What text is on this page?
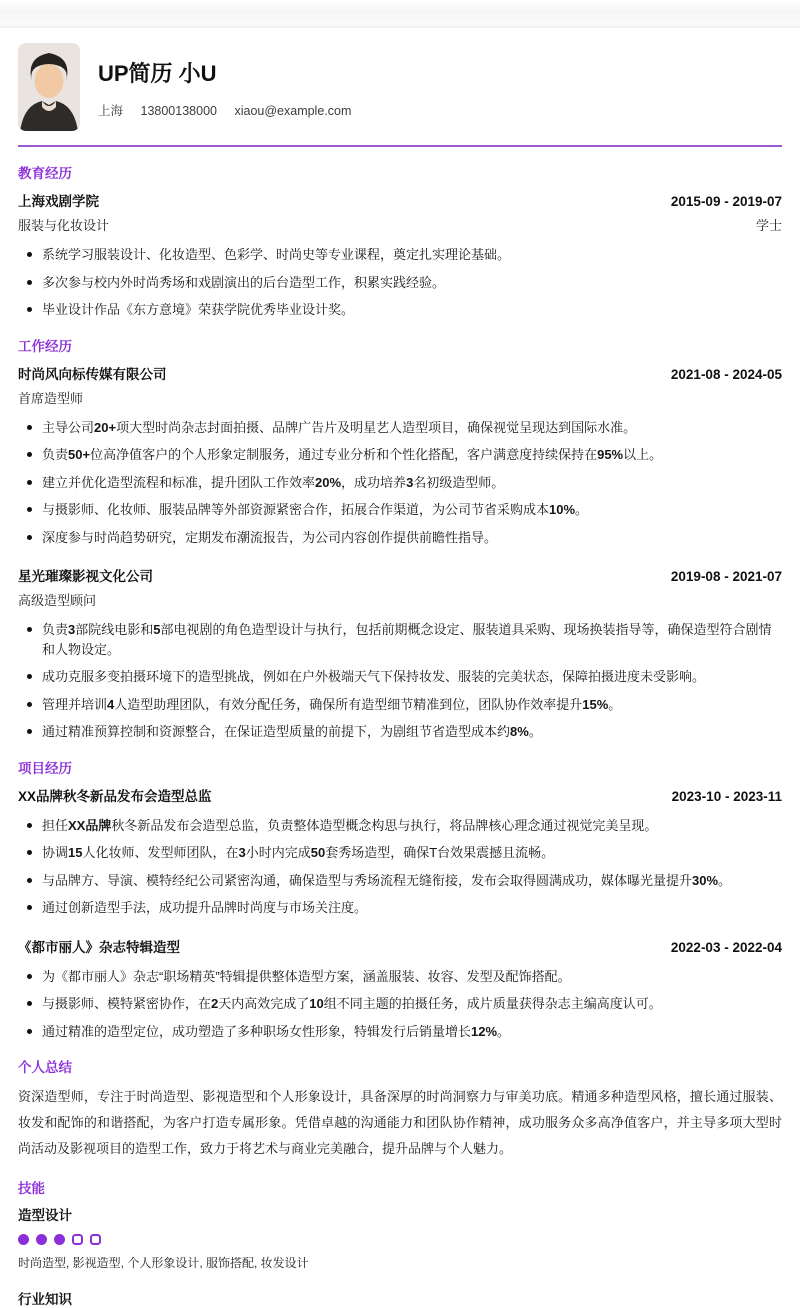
UP简历 小U
上海 13800138000 xiaou@example.com
教育经历
上海戏剧学院	2015-09 - 2019-07
服装与化妆设计	学士
系统学习服装设计、化妆造型、色彩学、时尚史等专业课程，奠定扎实理论基础。
多次参与校内外时尚秀场和戏剧演出的后台造型工作，积累实践经验。
毕业设计作品《东方意境》荣获学院优秀毕业设计奖。
工作经历
时尚风向标传媒有限公司	2021-08 - 2024-05
首席造型师
主导公司20+项大型时尚杂志封面拍摄、品牌广告片及明星艺人造型项目，确保视觉呈现达到国际水准。
负责50+位高净值客户的个人形象定制服务，通过专业分析和个性化搭配，客户满意度持续保持在95%以上。
建立并优化造型流程和标准，提升团队工作效率20%，成功培养3名初级造型师。
与摄影师、化妆师、服装品牌等外部资源紧密合作，拓展合作渠道，为公司节省采购成本10%。
深度参与时尚趋势研究，定期发布潮流报告，为公司内容创作提供前瞻性指导。
星光璀璨影视文化公司	2019-08 - 2021-07
高级造型顾问
负责3部院线电影和5部电视剧的角色造型设计与执行，包括前期概念设定、服装道具采购、现场换装指导等，确保造型符合剧情和人物设定。
成功克服多变拍摄环境下的造型挑战，例如在户外极端天气下保持妆发、服装的完美状态，保障拍摄进度未受影响。
管理并培训4人造型助理团队，有效分配任务，确保所有造型细节精准到位，团队协作效率提升15%。
通过精准预算控制和资源整合，在保证造型质量的前提下，为剧组节省造型成本约8%。
项目经历
XX品牌秋冬新品发布会造型总监	2023-10 - 2023-11
担任XX品牌秋冬新品发布会造型总监，负责整体造型概念构思与执行，将品牌核心理念通过视觉完美呈现。
协调15人化妆师、发型师团队，在3小时内完成50套秀场造型，确保T台效果震撼且流畅。
与品牌方、导演、模特经纪公司紧密沟通，确保造型与秀场流程无缝衔接，发布会取得圆满成功，媒体曝光量提升30%。
通过创新造型手法，成功提升品牌时尚度与市场关注度。
《都市丽人》杂志特辑造型	2022-03 - 2022-04
为《都市丽人》杂志“职场精英”特辑提供整体造型方案，涵盖服装、妆容、发型及配饰搭配。
与摄影师、模特紧密协作，在2天内高效完成了10组不同主题的拍摄任务，成片质量获得杂志主编高度认可。
通过精准的造型定位，成功塑造了多种职场女性形象，特辑发行后销量增长12%。
个人总结
资深造型师，专注于时尚造型、影视造型和个人形象设计，具备深厚的时尚洞察力与审美功底。精通多种造型风格，擅长通过服装、妆发和配饰的和谐搭配，为客户打造专属形象。凭借卓越的沟通能力和团队协作精神，成功服务众多高净值客户，并主导多项大型时尚活动及影视项目的造型工作，致力于将艺术与商业完美融合，提升品牌与个人魅力。
技能
造型设计
时尚造型, 影视造型, 个人形象设计, 服饰搭配, 妆发设计
行业知识
